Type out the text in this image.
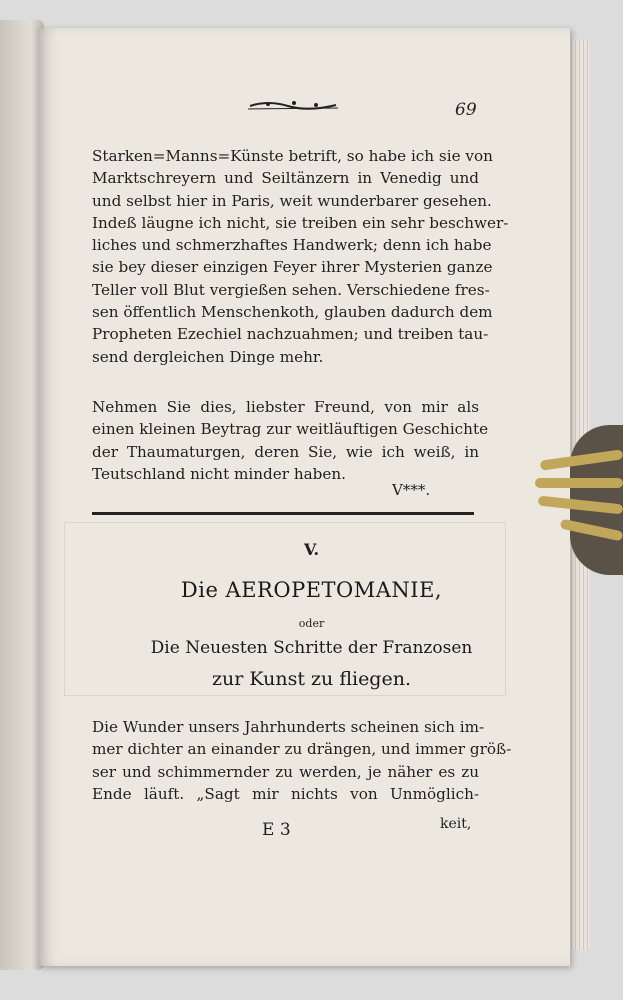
69
Starken=Manns=Künste betrift, so habe ich sie von
Marktschreyern und Seiltänzern in Venedig und
und selbst hier in Paris, weit wunderbarer gesehen.
Indeß läugne ich nicht, sie treiben ein sehr beschwer-
liches und schmerzhaftes Handwerk; denn ich habe
sie bey dieser einzigen Feyer ihrer Mysterien ganze
Teller voll Blut vergießen sehen. Verschiedene fres-
sen öffentlich Menschenkoth, glauben dadurch dem
Propheten Ezechiel nachzuahmen; und treiben tau-
send dergleichen Dinge mehr.
Nehmen Sie dies, liebster Freund, von mir als
einen kleinen Beytrag zur weitläuftigen Geschichte
der Thaumaturgen, deren Sie, wie ich weiß, in
Teutschland nicht minder haben.
V***.
V.
Die AEROPETOMANIE,
oder
Die Neuesten Schritte der Franzosen
zur Kunst zu fliegen.
Die Wunder unsers Jahrhunderts scheinen sich im-
mer dichter an einander zu drängen, und immer größ-
ser und schimmernder zu werden, je näher es zu
Ende läuft. „Sagt mir nichts von Unmöglich-
E 3	keit,
